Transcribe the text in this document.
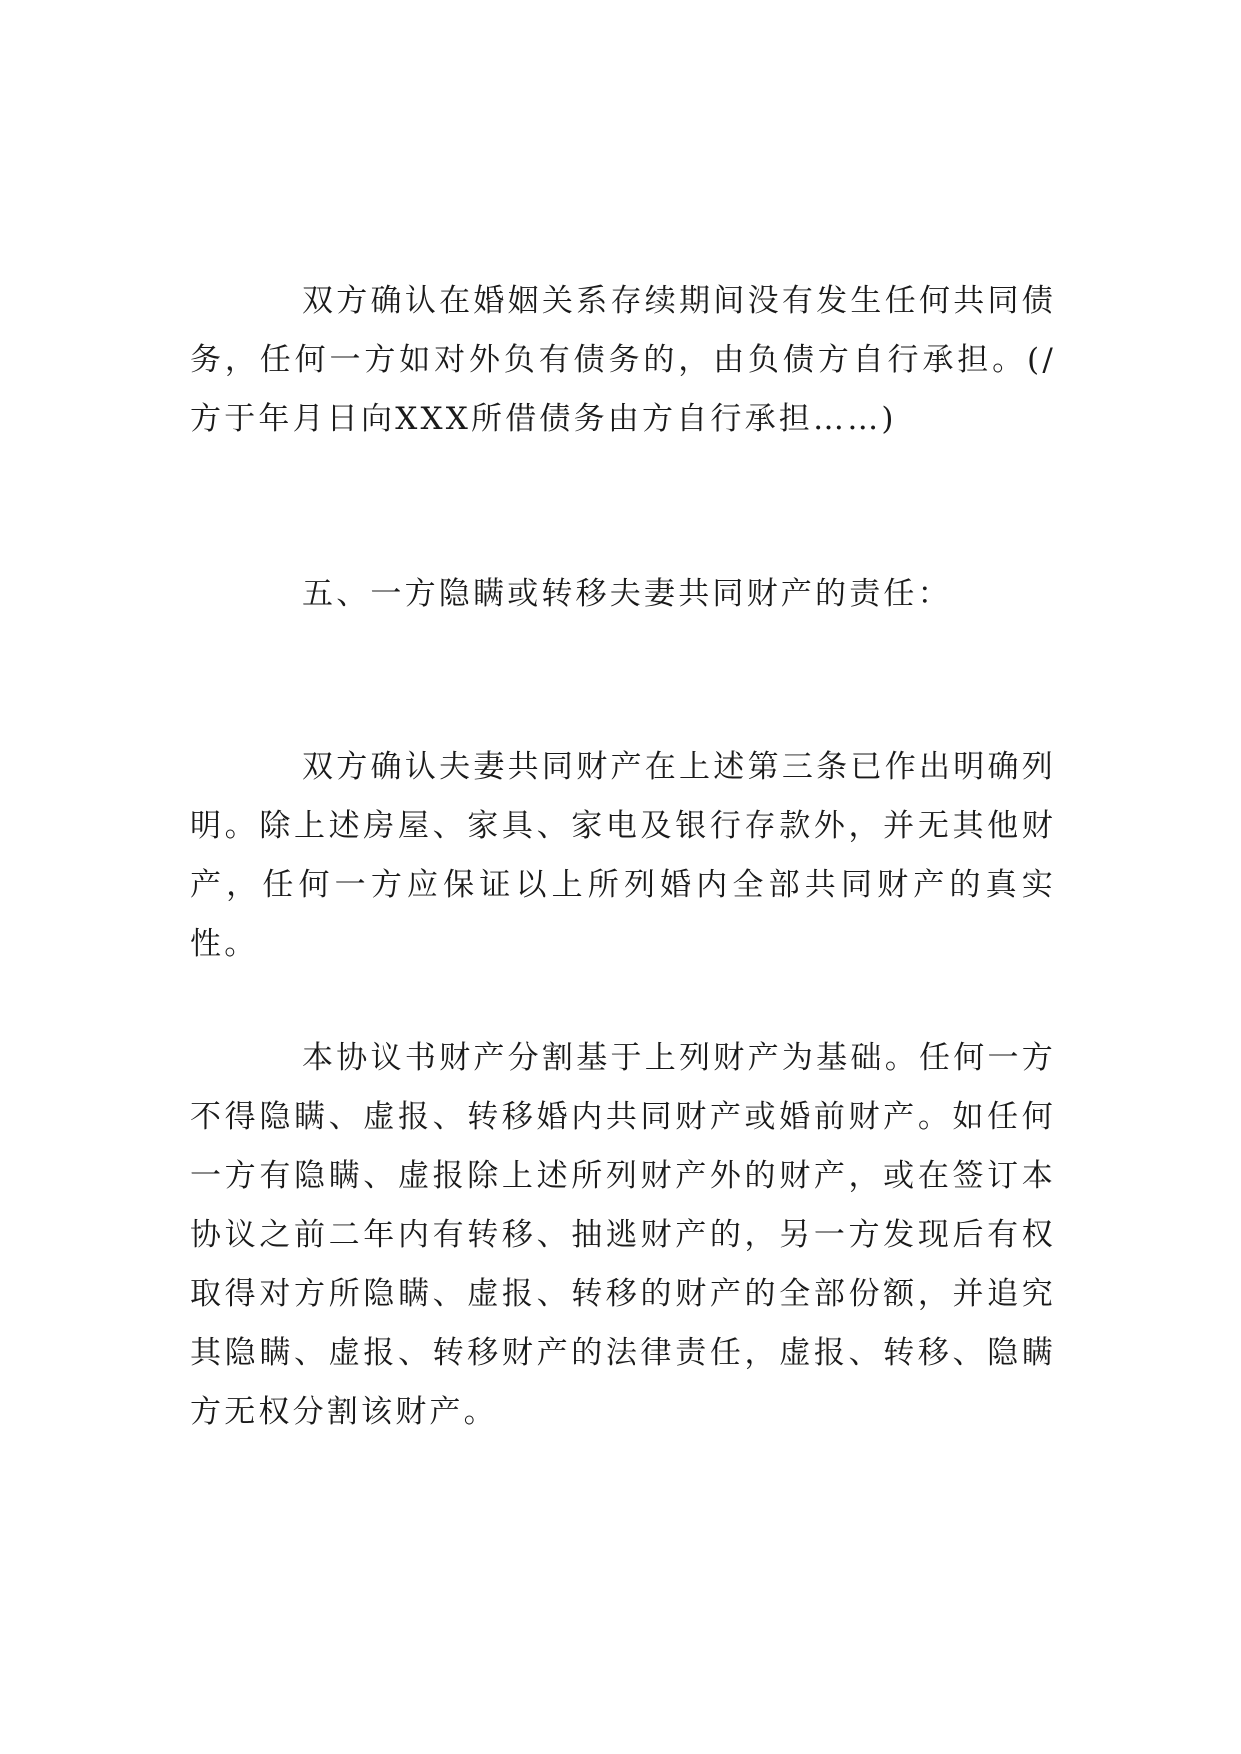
双方确认在婚姻关系存续期间没有发生任何共同债务，任何一方如对外负有债务的，由负债方自行承担。(/方于年月日向XXX所借债务由方自行承担……)

五、一方隐瞒或转移夫妻共同财产的责任：

双方确认夫妻共同财产在上述第三条已作出明确列明。除上述房屋、家具、家电及银行存款外，并无其他财产，任何一方应保证以上所列婚内全部共同财产的真实性。

本协议书财产分割基于上列财产为基础。任何一方不得隐瞒、虚报、转移婚内共同财产或婚前财产。如任何一方有隐瞒、虚报除上述所列财产外的财产，或在签订本协议之前二年内有转移、抽逃财产的，另一方发现后有权取得对方所隐瞒、虚报、转移的财产的全部份额，并追究其隐瞒、虚报、转移财产的法律责任，虚报、转移、隐瞒方无权分割该财产。
